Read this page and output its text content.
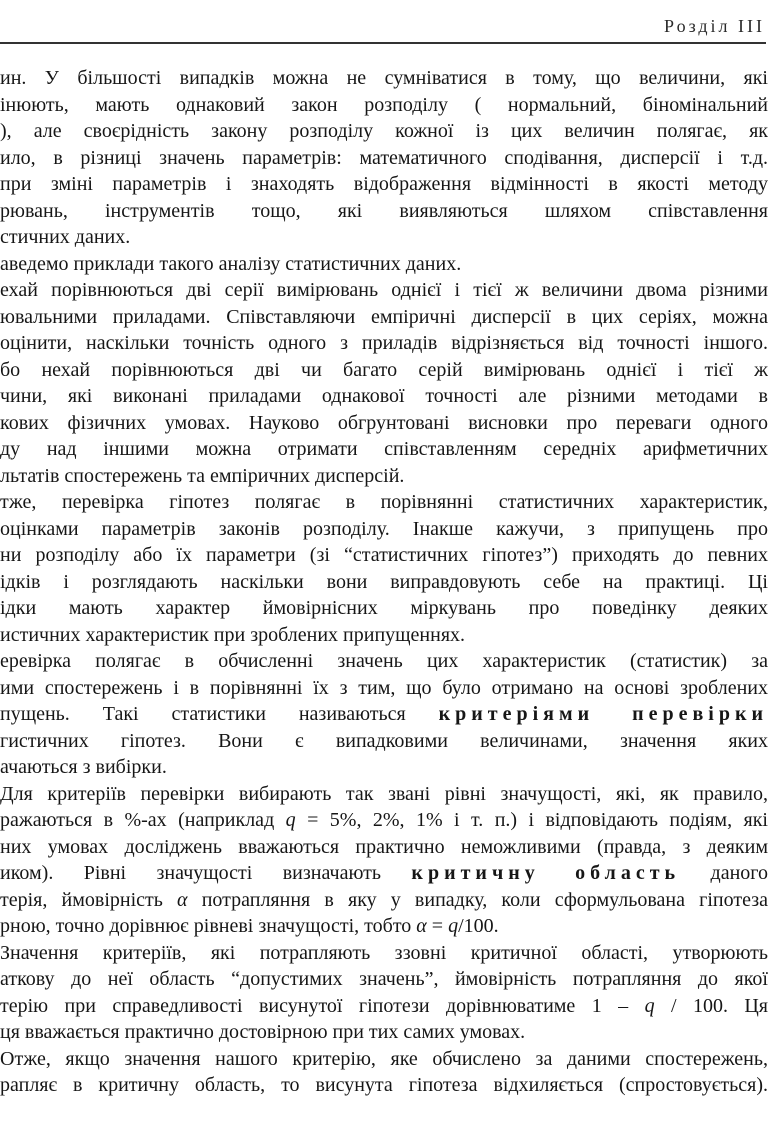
Розділ III
ин. У більшості випадків можна не сумніватися в тому, що величини, які
інюють, мають однаковий закон розподілу ( нормальний, біномінальний
), але своєрідність закону розподілу кожної із цих величин полягає, як
ило, в різниці значень параметрів: математичного сподівання, дисперсії і т.д.
при зміні параметрів і знаходять відображення відмінності в якості методу
рювань, інструментів тощо, які виявляються шляхом співставлення
стичних даних.
аведемо приклади такого аналізу статистичних даних.
ехай порівнюються дві серії вимірювань однієї і тієї ж величини двома різними
ювальними приладами. Співставляючи емпіричні дисперсії в цих серіях, можна
оцінити, наскільки точність одного з приладів відрізняється від точності іншого.
бо нехай порівнюються дві чи багато серій вимірювань однієї і тієї ж
чини, які виконані приладами однакової точності але різними методами в
кових фізичних умовах. Науково обгрунтовані висновки про переваги одного
ду над іншими можна отримати співставленням середніх арифметичних
льтатів спостережень та емпіричних дисперсій.
тже, перевірка гіпотез полягає в порівнянні статистичних характеристик,
оцінками параметрів законів розподілу. Інакше кажучи, з припущень про
ни розподілу або їх параметри (зі “статистичних гіпотез”) приходять до певних
ідків і розглядають наскільки вони виправдовують себе на практиці. Ці
ідки мають характер ймовірнісних міркувань про поведінку деяких
истичних характеристик при зроблених припущеннях.
еревірка полягає в обчисленні значень цих характеристик (статистик) за
ими спостережень і в порівнянні їх з тим, що було отримано на основі зроблених
пущень. Такі статистики називаються критеріями перевірки
гистичних гіпотез. Вони є випадковими величинами, значення яких
ачаються з вибірки.
Для критеріїв перевірки вибирають так звані рівні значущості, які, як правило,
ражаються в %-ах (наприклад q = 5%, 2%, 1% і т. п.) і відповідають подіям, які
них умовах досліджень вважаються практично неможливими (правда, з деяким
иком). Рівні значущості визначають критичну область даного
терія, ймовірність α потрапляння в яку у випадку, коли сформульована гіпотеза
рною, точно дорівнює рівневі значущості, тобто α = q/100.
Значення критеріїв, які потрапляють ззовні критичної області, утворюють
аткову до неї область “допустимих значень”, ймовірність потрапляння до якої
терію при справедливості висунутої гіпотези дорівнюватиме 1 – q / 100. Ця
ця вважається практично достовірною при тих самих умовах.
Отже, якщо значення нашого критерію, яке обчислено за даними спостережень,
рапляє в критичну область, то висунута гіпотеза відхиляється (спростовується).
